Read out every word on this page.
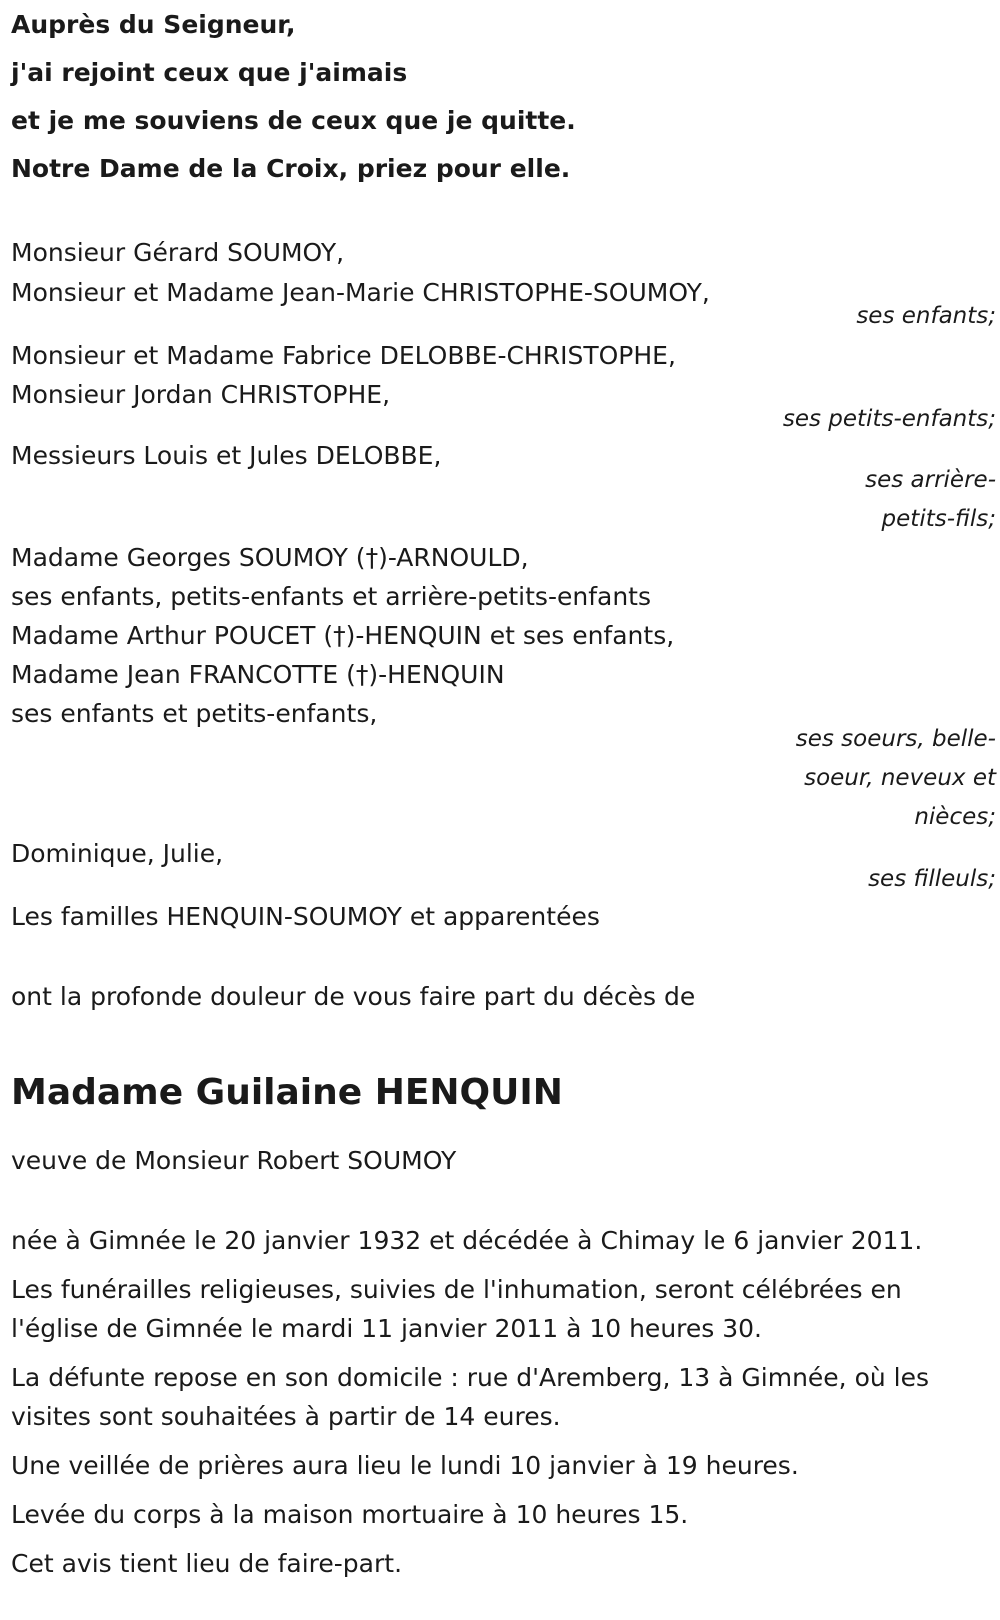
Auprès du Seigneur,
j'ai rejoint ceux que j'aimais
et je me souviens de ceux que je quitte.
Notre Dame de la Croix, priez pour elle.
Monsieur Gérard SOUMOY,
Monsieur et Madame Jean-Marie CHRISTOPHE-SOUMOY,
ses enfants;
Monsieur et Madame Fabrice DELOBBE-CHRISTOPHE,
Monsieur Jordan CHRISTOPHE,
ses petits-enfants;
Messieurs Louis et Jules DELOBBE,
ses arrière-
petits-fils;
Madame Georges SOUMOY (†)-ARNOULD,
ses enfants, petits-enfants et arrière-petits-enfants
Madame Arthur POUCET (†)-HENQUIN et ses enfants,
Madame Jean FRANCOTTE (†)-HENQUIN
ses enfants et petits-enfants,
ses soeurs, belle-
soeur, neveux et
nièces;
Dominique, Julie,
ses filleuls;
Les familles HENQUIN-SOUMOY et apparentées
ont la profonde douleur de vous faire part du décès de
Madame Guilaine HENQUIN
veuve de Monsieur Robert SOUMOY
née à Gimnée le 20 janvier 1932 et décédée à Chimay le 6 janvier 2011.
Les funérailles religieuses, suivies de l'inhumation, seront célébrées en
l'église de Gimnée le mardi 11 janvier 2011 à 10 heures 30.
La défunte repose en son domicile : rue d'Aremberg, 13 à Gimnée, où les
visites sont souhaitées à partir de 14 eures.
Une veillée de prières aura lieu le lundi 10 janvier à 19 heures.
Levée du corps à la maison mortuaire à 10 heures 15.
Cet avis tient lieu de faire-part.
